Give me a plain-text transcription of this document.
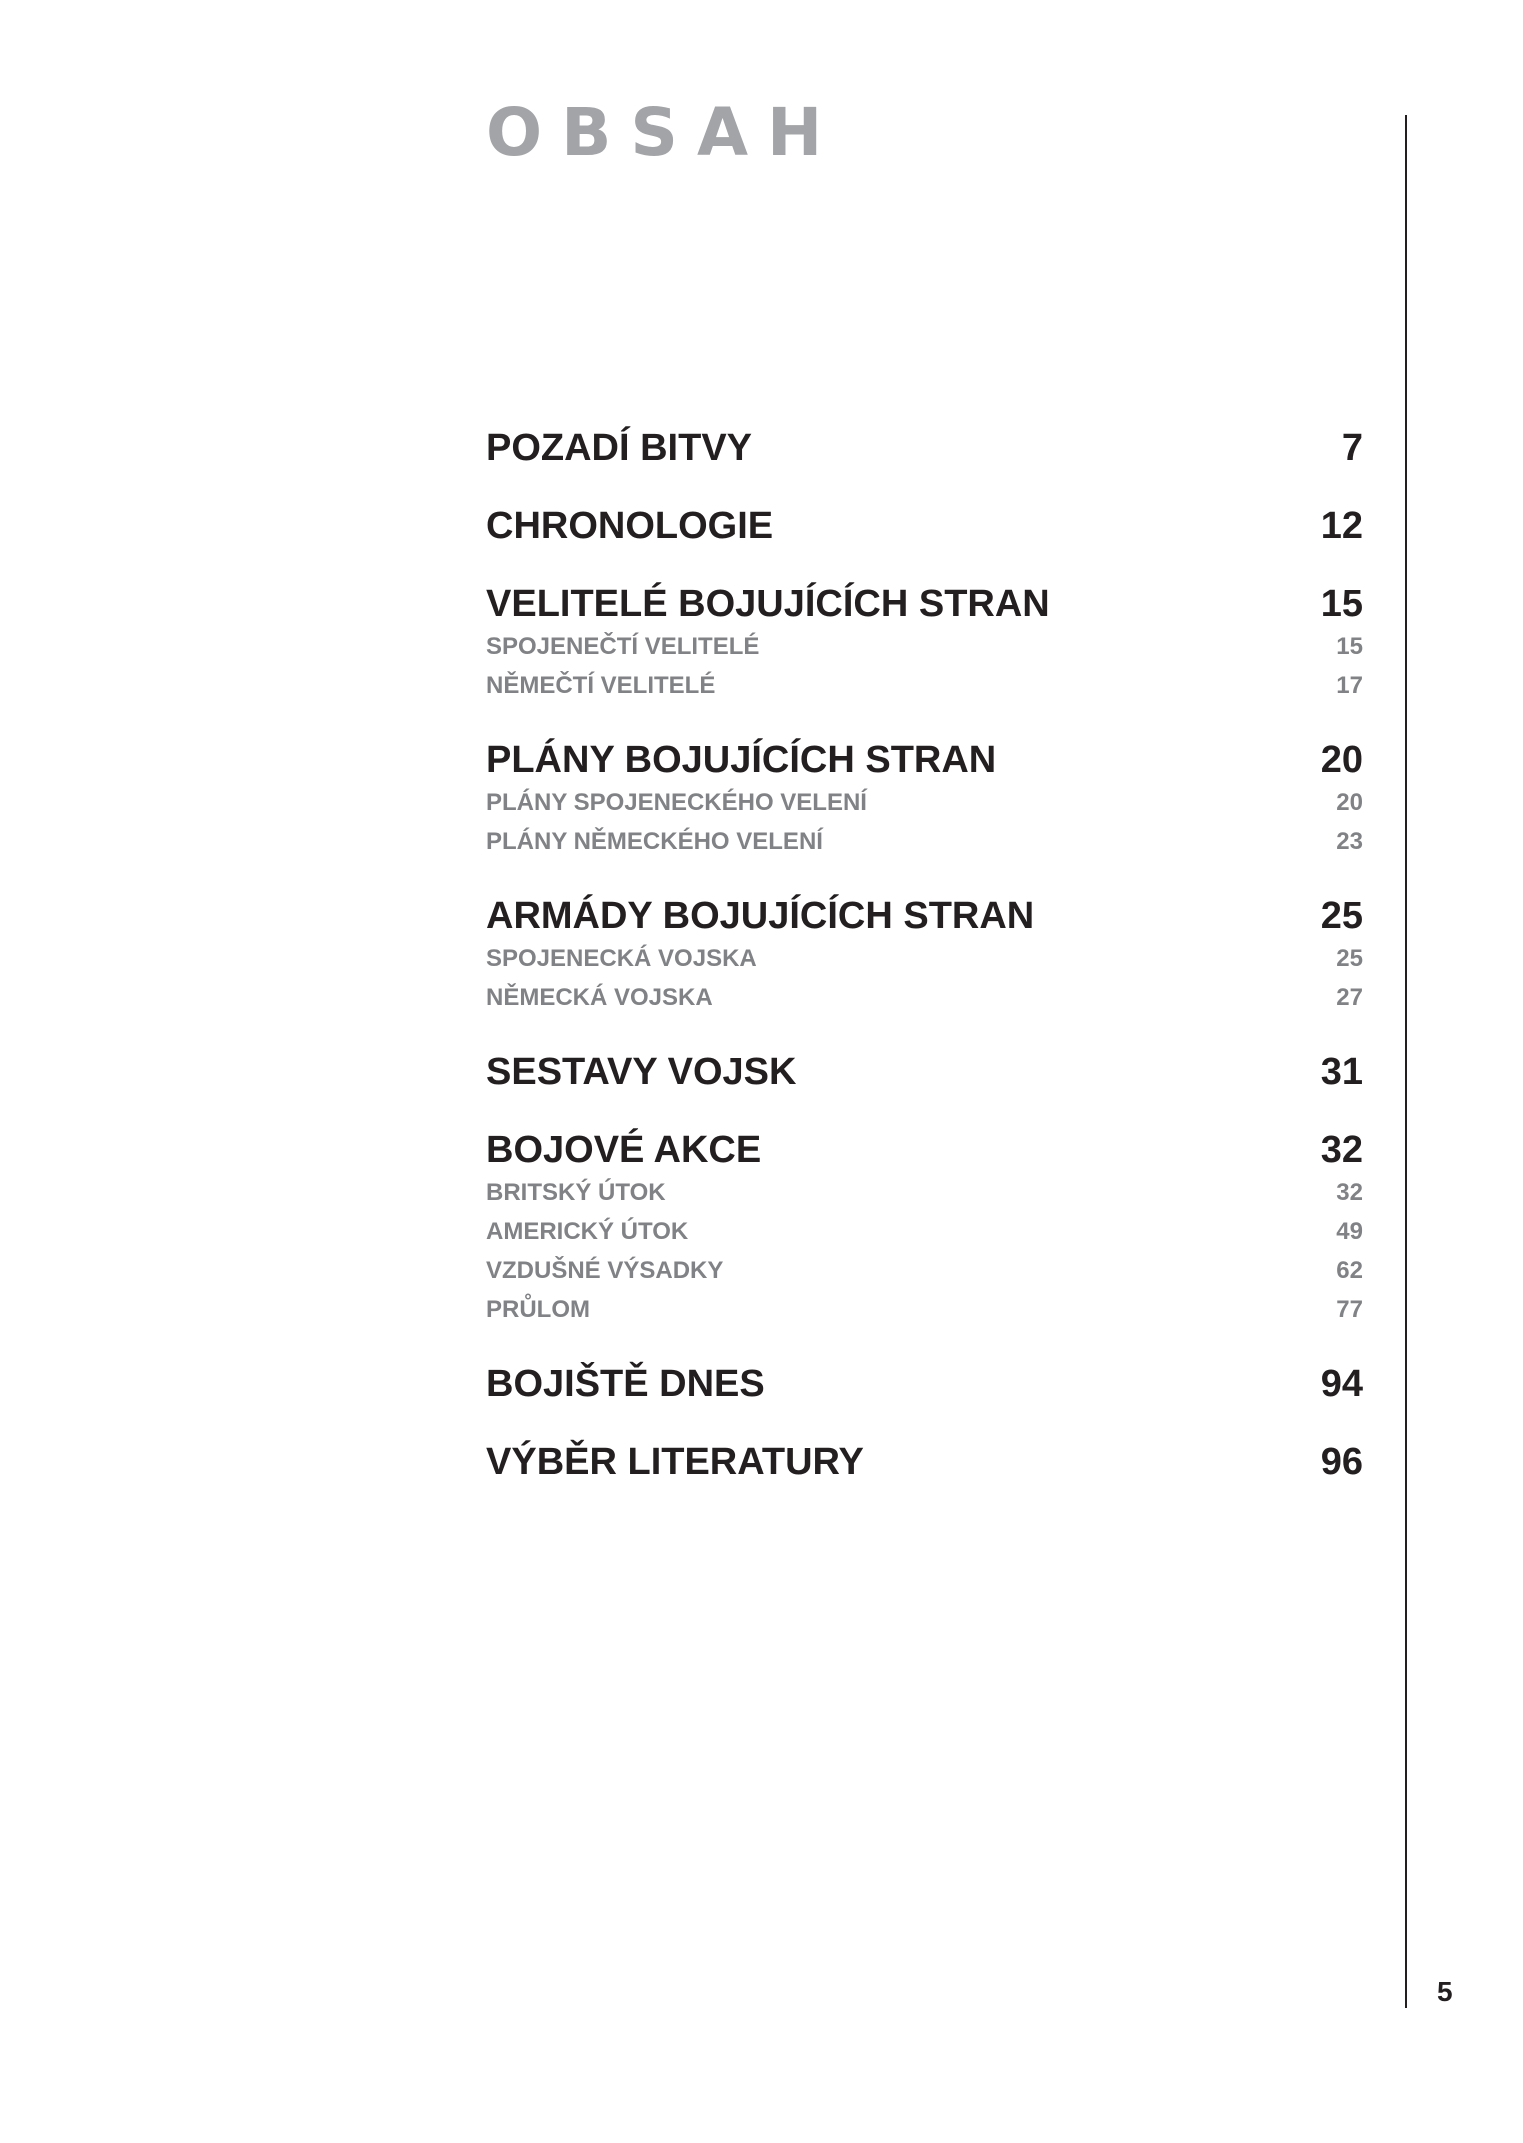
OBSAH
POZADÍ BITVY	7
CHRONOLOGIE	12
VELITELÉ BOJUJÍCÍCH STRAN	15
SPOJENEČTÍ VELITELÉ	15
NĚMEČTÍ VELITELÉ	17
PLÁNY BOJUJÍCÍCH STRAN	20
PLÁNY SPOJENECKÉHO VELENÍ	20
PLÁNY NĚMECKÉHO VELENÍ	23
ARMÁDY BOJUJÍCÍCH STRAN	25
SPOJENECKÁ VOJSKA	25
NĚMECKÁ VOJSKA	27
SESTAVY VOJSK	31
BOJOVÉ AKCE	32
BRITSKÝ ÚTOK	32
AMERICKÝ ÚTOK	49
VZDUŠNÉ VÝSADKY	62
PRŮLOM	77
BOJIŠTĚ DNES	94
VÝBĚR LITERATURY	96
5
